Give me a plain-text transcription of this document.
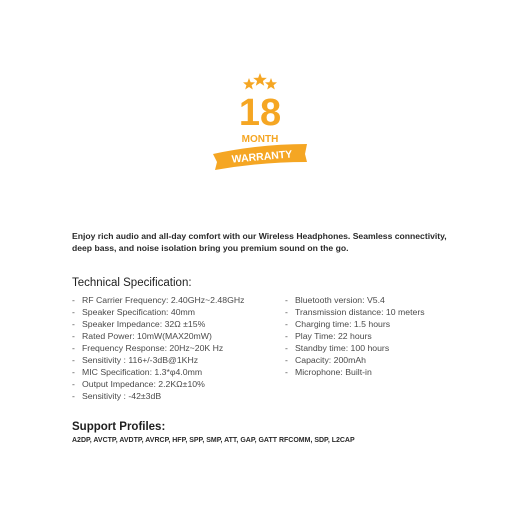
18
MONTH
WARRANTY
Enjoy rich audio and all-day comfort with our Wireless Headphones. Seamless connectivity, deep bass, and noise isolation bring you premium sound on the go.
Technical Specification:
- RF Carrier Frequency: 2.40GHz~2.48GHz
- Speaker Specification: 40mm
- Speaker Impedance: 32Ω ±15%
- Rated Power: 10mW(MAX20mW)
- Frequency Response: 20Hz~20K Hz
- Sensitivity : 116+/-3dB@1KHz
- MIC Specification: 1.3*φ4.0mm
- Output Impedance: 2.2KΩ±10%
- Sensitivity : -42±3dB
- Bluetooth version: V5.4
- Transmission distance: 10 meters
- Charging time: 1.5 hours
- Play Time: 22 hours
- Standby time: 100 hours
- Capacity: 200mAh
- Microphone: Built-in
Support Profiles:
A2DP, AVCTP, AVDTP, AVRCP, HFP, SPP, SMP, ATT, GAP, GATT RFCOMM, SDP, L2CAP
